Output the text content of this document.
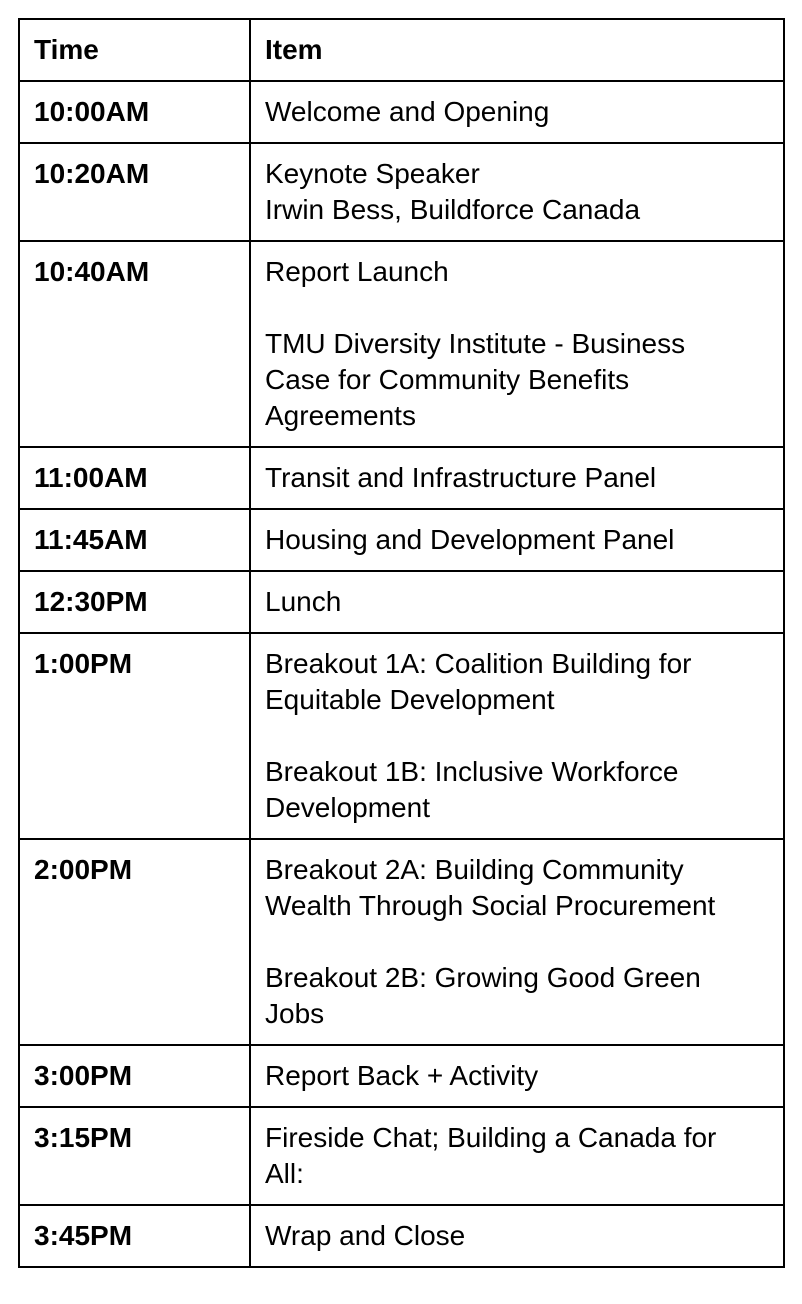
Time	Item
10:00AM	Welcome and Opening

10:20AM	Keynote Speaker
Irwin Bess, Buildforce Canada

10:40AM	Report Launch
TMU Diversity Institute - Business
Case for Community Benefits
Agreements

11:00AM	Transit and Infrastructure Panel

11:45AM	Housing and Development Panel

12:30PM	Lunch

1:00PM	Breakout 1A: Coalition Building for
Equitable Development
Breakout 1B: Inclusive Workforce
Development

2:00PM	Breakout 2A: Building Community
Wealth Through Social Procurement
Breakout 2B: Growing Good Green
Jobs

3:00PM	Report Back + Activity

3:15PM	Fireside Chat; Building a Canada for
All:

3:45PM	Wrap and Close
